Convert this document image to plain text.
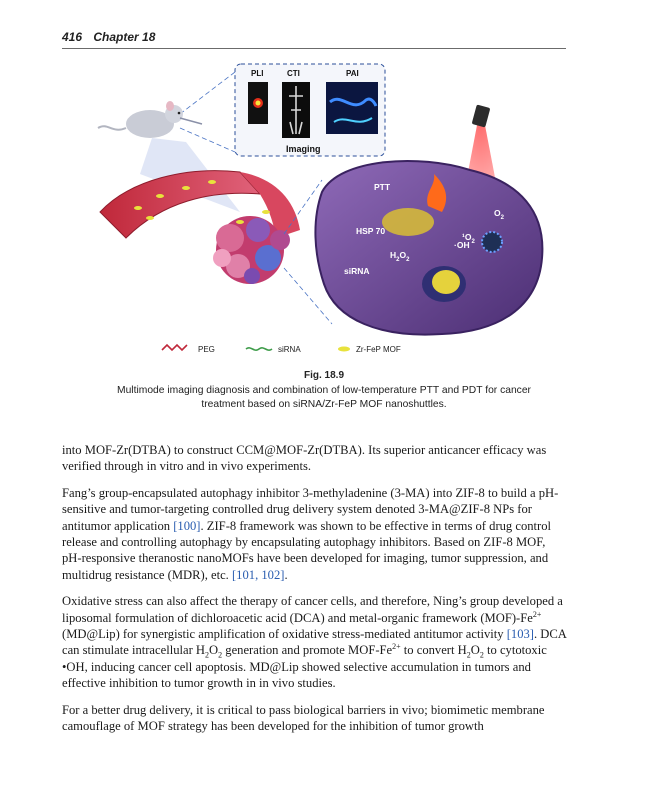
416 Chapter 18
PLI	CTI	PAI
Imaging
PTT
HSP 70
$O_2$
$^1O_2$
·OH
$H_2O_2$
siRNA
PEG	siRNA	Zr-FeP MOF
Fig. 18.9
Multimode imaging diagnosis and combination of low-temperature PTT and PDT for cancer treatment based on siRNA/Zr-FeP MOF nanoshuttles.

into MOF-Zr(DTBA) to construct CCM@MOF-Zr(DTBA). Its superior anticancer efficacy was verified through in vitro and in vivo experiments.

Fang’s group-encapsulated autophagy inhibitor 3-methyladenine (3-MA) into ZIF-8 to build a pH-sensitive and tumor-targeting controlled drug delivery system denoted 3-MA@ZIF-8 NPs for antitumor application [100]. ZIF-8 framework was shown to be effective in terms of drug control release and controlling autophagy by encapsulating autophagy inhibitors. Based on ZIF-8 MOF, pH-responsive theranostic nanoMOFs have been developed for imaging, tumor suppression, and multidrug resistance (MDR), etc. [101, 102].

Oxidative stress can also affect the therapy of cancer cells, and therefore, Ning’s group developed a liposomal formulation of dichloroacetic acid (DCA) and metal-organic framework $(MOF)-Fe^{2+}$ (MD@Lip) for synergistic amplification of oxidative stress-mediated antitumor activity [103]. DCA can stimulate intracellular $H_2O_2$ generation and promote MOF-$Fe^{2+}$ to convert $H_2O_2$ to cytotoxic •OH, inducing cancer cell apoptosis. MD@Lip showed selective accumulation in tumors and effective inhibition to tumor growth in in vivo studies.

For a better drug delivery, it is critical to pass biological barriers in vivo; biomimetic membrane camouflage of MOF strategy has been developed for the inhibition of tumor growth
